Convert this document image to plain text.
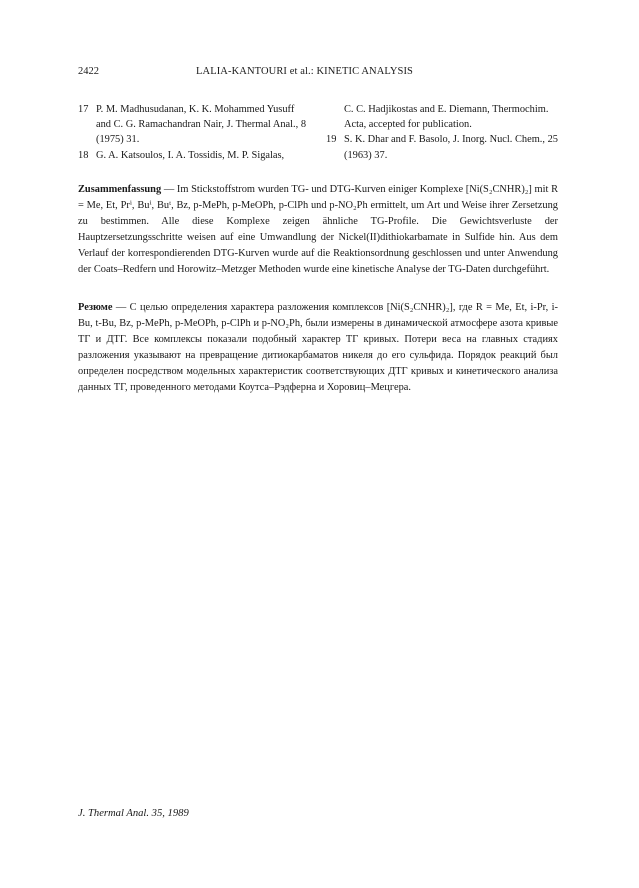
2422	LALIA-KANTOURI et al.: KINETIC ANALYSIS

17 P. M. Madhusudanan, K. K. Mohammed Yusuff and C. G. Ramachandran Nair, J. Thermal Anal., 8 (1975) 31.

18 G. A. Katsoulos, I. A. Tossidis, M. P. Sigalas,

C. C. Hadjikostas and E. Diemann, Thermochim. Acta, accepted for publication.

19 S. K. Dhar and F. Basolo, J. Inorg. Nucl. Chem., 25 (1963) 37.

Zusammenfassung — Im Stickstoffstrom wurden TG- und DTG-Kurven einiger Komplexe [Ni(S₂CNHR)₂] mit R = Me, Et, Prⁱ, Buⁱ, Buᵗ, Bz, p-MePh, p-MeOPh, p-ClPh und p-NO₂Ph ermittelt, um Art und Weise ihrer Zersetzung zu bestimmen. Alle diese Komplexe zeigen ähnliche TG-Profile. Die Gewichtsverluste der Hauptzersetzungsschritte weisen auf eine Umwandlung der Nickel(II)dithiokarbamate in Sulfide hin. Aus dem Verlauf der korrespondierenden DTG-Kurven wurde auf die Reaktionsordnung geschlossen und unter Anwendung der Coats–Redfern und Horowitz–Metzger Methoden wurde eine kinetische Analyse der TG-Daten durchgeführt.

Резюме — С целью определения характера разложения комплексов [Ni(S₂CNHR)₂], где R = Me, Et, i-Pr, i-Bu, t-Bu, Bz, p-MePh, p-MeOPh, p-ClPh и p-NO₂Ph, были измерены в динамической атмосфере азота кривые ТГ и ДТГ. Все комплексы показали подобный характер ТГ кривых. Потери веса на главных стадиях разложения указывают на превращение дитиокарбаматов никеля до его сульфида. Порядок реакций был определен посредством модельных характеристик соответствующих ДТГ кривых и кинетического анализа данных ТГ, проведенного методами Коутса–Рэдферна и Хоровиц–Мецгера.

J. Thermal Anal. 35, 1989
